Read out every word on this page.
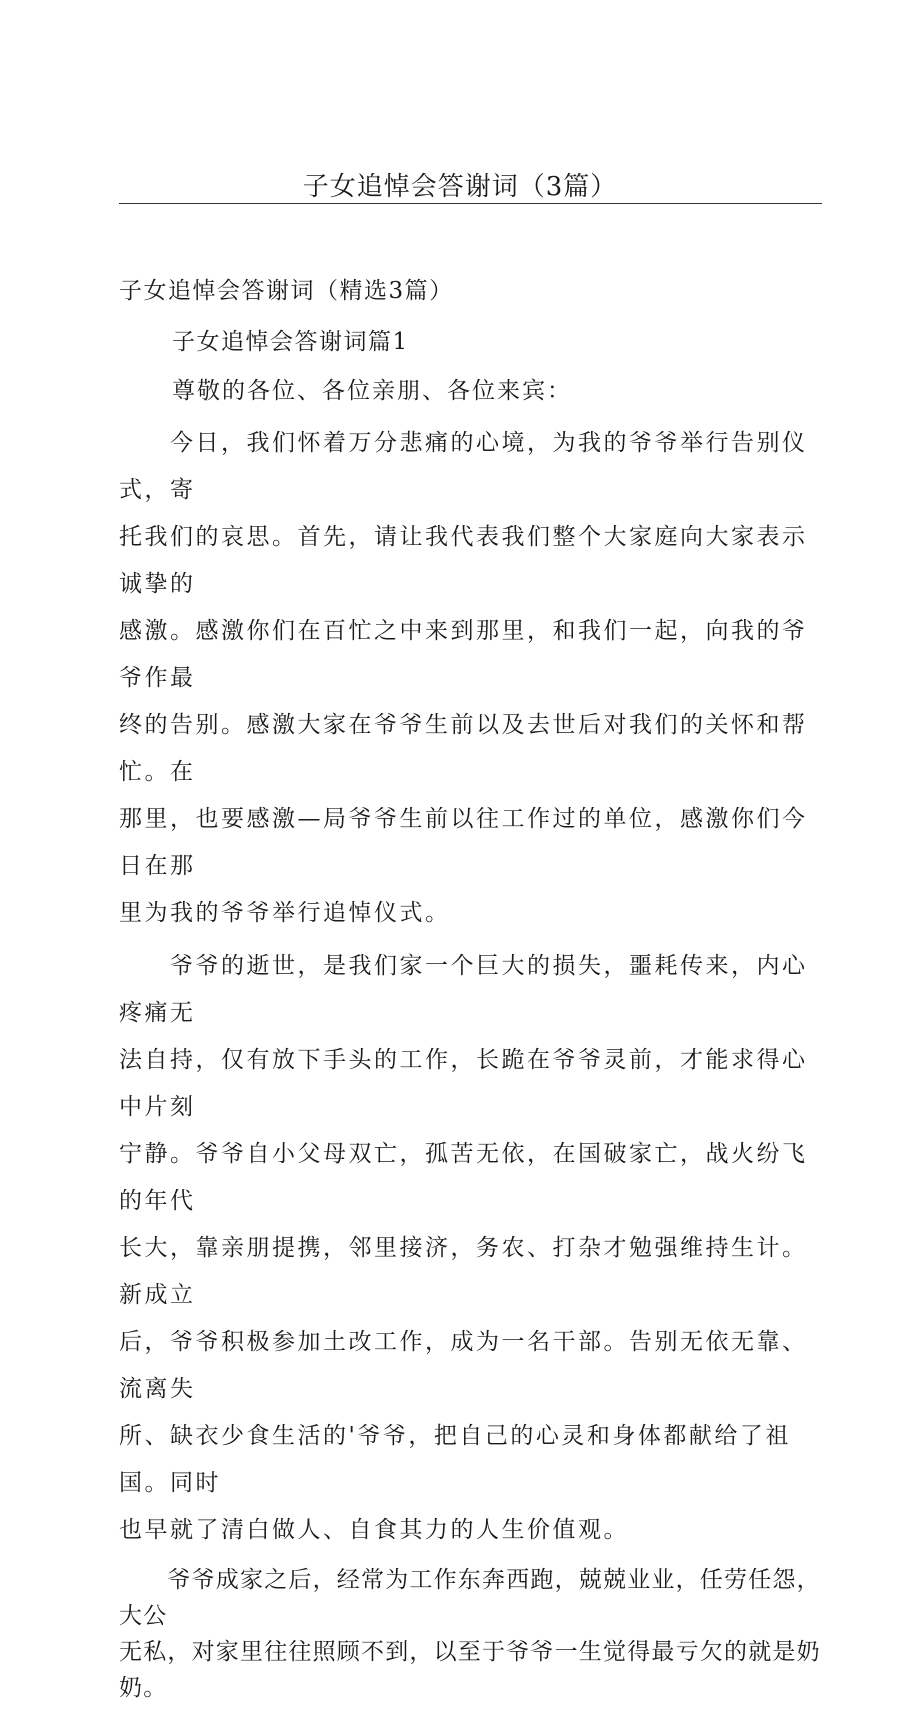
子女追悼会答谢词（3篇）

子女追悼会答谢词（精选3篇）

子女追悼会答谢词篇1

尊敬的各位、各位亲朋、各位来宾：

　　今日，我们怀着万分悲痛的心境，为我的爷爷举行告别仪式，寄
托我们的哀思。首先，请让我代表我们整个大家庭向大家表示诚挚的
感激。感激你们在百忙之中来到那里，和我们一起，向我的爷爷作最
终的告别。感激大家在爷爷生前以及去世后对我们的关怀和帮忙。在
那里，也要感激—局爷爷生前以往工作过的单位，感激你们今日在那
里为我的爷爷举行追悼仪式。

　　爷爷的逝世，是我们家一个巨大的损失，噩耗传来，内心疼痛无
法自持，仅有放下手头的工作，长跪在爷爷灵前，才能求得心中片刻
宁静。爷爷自小父母双亡，孤苦无依，在国破家亡，战火纷飞的年代
长大，靠亲朋提携，邻里接济，务农、打杂才勉强维持生计。新成立
后，爷爷积极参加土改工作，成为一名干部。告别无依无靠、流离失
所、缺衣少食生活的'爷爷，把自己的心灵和身体都献给了祖国。同时
也早就了清白做人、自食其力的人生价值观。

　　爷爷成家之后，经常为工作东奔西跑，兢兢业业，任劳任怨，大公
无私，对家里往往照顾不到，以至于爷爷一生觉得最亏欠的就是奶奶。
